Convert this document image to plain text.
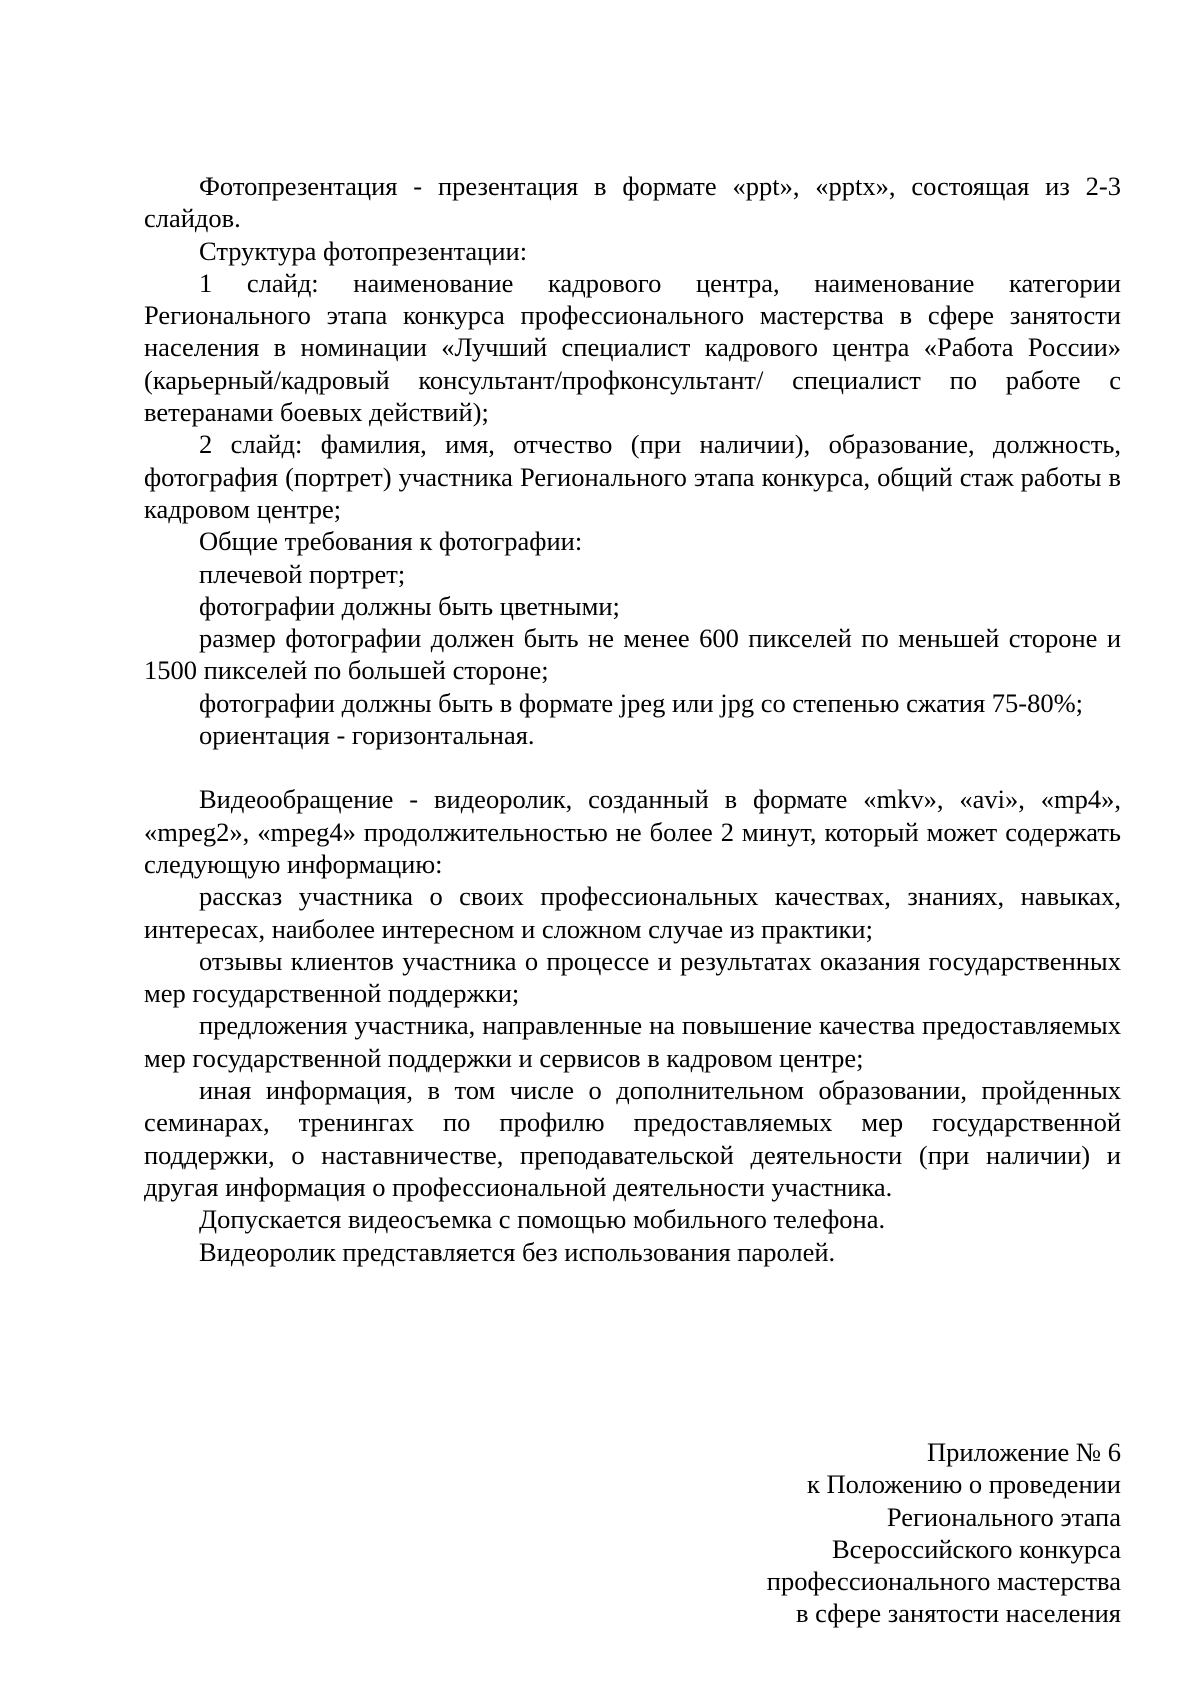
Фотопрезентация - презентация в формате «ppt», «pptx», состоящая из 2-3 слайдов.

Структура фотопрезентации:

1 слайд: наименование кадрового центра, наименование категории Регионального этапа конкурса профессионального мастерства в сфере занятости населения в номинации «Лучший специалист кадрового центра «Работа России» (карьерный/кадровый консультант/профконсультант/ специалист по работе с ветеранами боевых действий);

2 слайд: фамилия, имя, отчество (при наличии), образование, должность, фотография (портрет) участника Регионального этапа конкурса, общий стаж работы в кадровом центре;

Общие требования к фотографии:

плечевой портрет;

фотографии должны быть цветными;

размер фотографии должен быть не менее 600 пикселей по меньшей стороне и 1500 пикселей по большей стороне;

фотографии должны быть в формате jpeg или jpg со степенью сжатия 75-80%;

ориентация - горизонтальная.

Видеообращение - видеоролик, созданный в формате «mkv», «avi», «mp4», «mpeg2», «mpeg4» продолжительностью не более 2 минут, который может содержать следующую информацию:

рассказ участника о своих профессиональных качествах, знаниях, навыках, интересах, наиболее интересном и сложном случае из практики;

отзывы клиентов участника о процессе и результатах оказания государственных мер государственной поддержки;

предложения участника, направленные на повышение качества предоставляемых мер государственной поддержки и сервисов в кадровом центре;

иная информация, в том числе о дополнительном образовании, пройденных семинарах, тренингах по профилю предоставляемых мер государственной поддержки, о наставничестве, преподавательской деятельности (при наличии) и другая информация о профессиональной деятельности участника.

Допускается видеосъемка с помощью мобильного телефона.

Видеоролик представляется без использования паролей.

Приложение № 6
к Положению о проведении
Регионального этапа
Всероссийского конкурса
профессионального мастерства
в сфере занятости населения
